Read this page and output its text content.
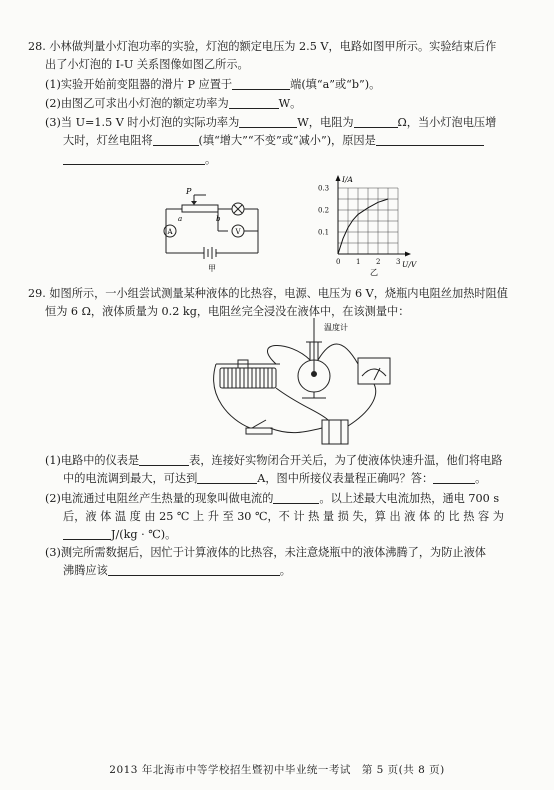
28. 小林做判量小灯泡功率的实验，灯泡的额定电压为 2.5 V，电路如图甲所示。实验结束后作
出了小灯泡的 I-U 关系图像如图乙所示。
(1)实验开始前变阻器的滑片 P 应置于	端(填“a”或“b”)。
(2)由图乙可求出小灯泡的额定功率为	W。
(3)当 U=1.5 V 时小灯泡的实际功率为	W，电阻为	Ω，当小灯泡电压增
大时，灯丝电阻将	(填“增大”“不变”或“减小”)，原因是
。
P
a	b
A	V
甲
I/A
U/V
0 1 2 3
0.1
0.2
0.3
乙
29. 如图所示，一小组尝试测量某种液体的比热容，电源、电压为 6 V，烧瓶内电阻丝加热时阻值
恒为 6 Ω，液体质量为 0.2 kg，电阻丝完全浸没在液体中，在该测量中：
温度计
(1)电路中的仪表是	表，连接好实物闭合开关后，为了使液体快速升温，他们将电路
中的电流调到最大，可达到	A，图中所接仪表量程正确吗？答：	。
(2)电流通过电阻丝产生热量的现象叫做电流的	。以上述最大电流加热，通电 700 s
后，液 体 温 度 由 25 ℃ 上 升 至 30 ℃，不 计 热 量 损 失，算 出 液 体 的 比 热 容 为
J/(kg · ℃)。
(3)测完所需数据后，因忙于计算液体的比热容，未注意烧瓶中的液体沸腾了，为防止液体
沸腾应该	。
2013 年北海市中等学校招生暨初中毕业统一考试　第 5 页(共 8 页)
